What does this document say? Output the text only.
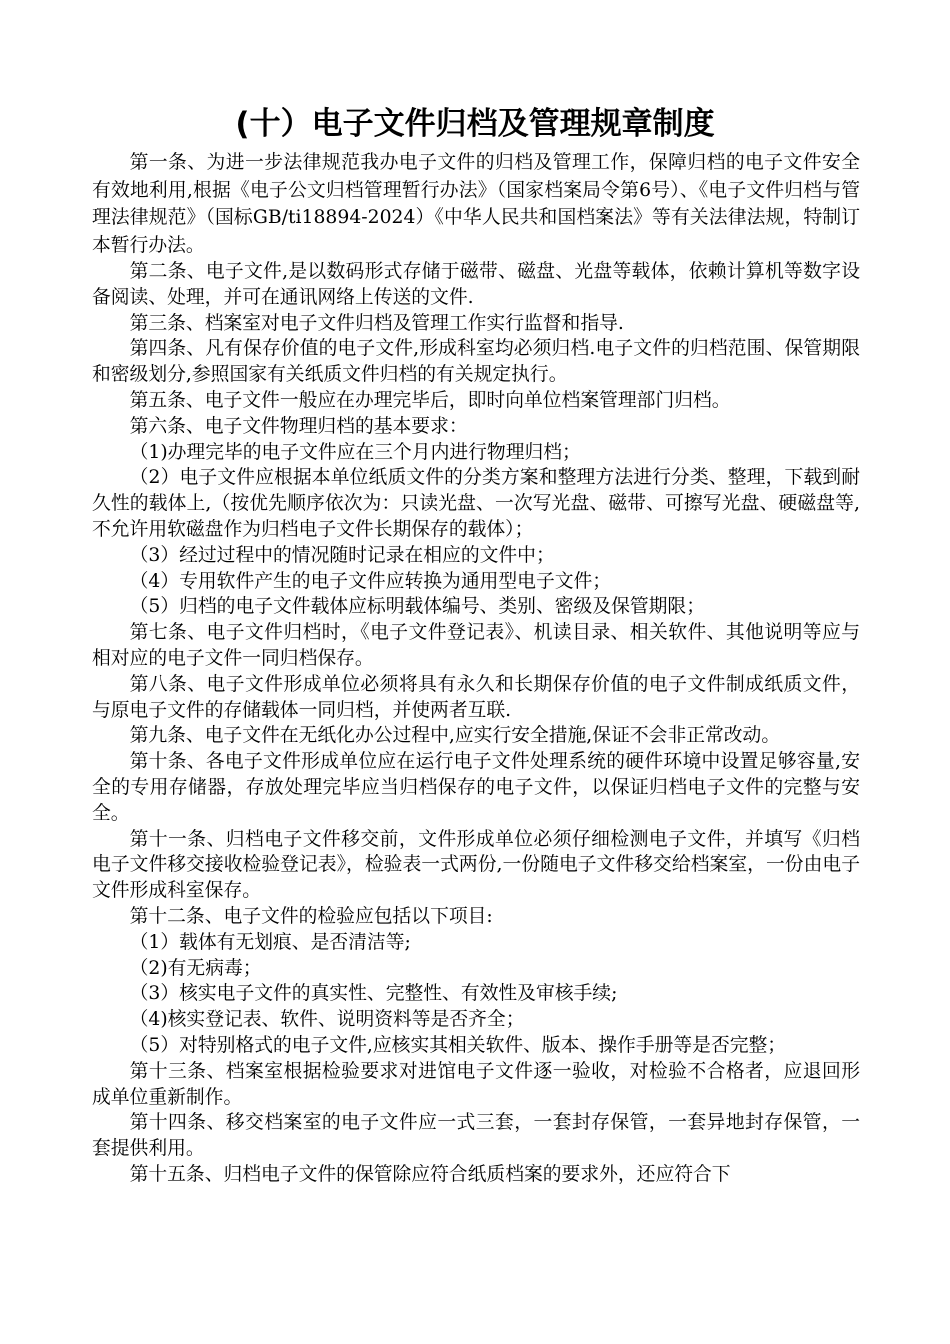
(十）电子文件归档及管理规章制度

第一条、为进一步法律规范我办电子文件的归档及管理工作，保障归档的电子文件安全有效地利用,根据《电子公文归档管理暂行办法》（国家档案局令第6号）、《电子文件归档与管理法律规范》（国标GB/ti18894-2024）《中华人民共和国档案法》等有关法律法规，特制订本暂行办法。

第二条、电子文件,是以数码形式存储于磁带、磁盘、光盘等载体，依赖计算机等数字设备阅读、处理，并可在通讯网络上传送的文件.

第三条、档案室对电子文件归档及管理工作实行监督和指导.

第四条、凡有保存价值的电子文件,形成科室均必须归档.电子文件的归档范围、保管期限和密级划分,参照国家有关纸质文件归档的有关规定执行。

第五条、电子文件一般应在办理完毕后，即时向单位档案管理部门归档。

第六条、电子文件物理归档的基本要求：

（1)办理完毕的电子文件应在三个月内进行物理归档；

（2）电子文件应根据本单位纸质文件的分类方案和整理方法进行分类、整理，下载到耐久性的载体上,（按优先顺序依次为：只读光盘、一次写光盘、磁带、可擦写光盘、硬磁盘等,不允许用软磁盘作为归档电子文件长期保存的载体）；

（3）经过过程中的情况随时记录在相应的文件中；

（4）专用软件产生的电子文件应转换为通用型电子文件；

（5）归档的电子文件载体应标明载体编号、类别、密级及保管期限；

第七条、电子文件归档时，《电子文件登记表》、机读目录、相关软件、其他说明等应与相对应的电子文件一同归档保存。

第八条、电子文件形成单位必须将具有永久和长期保存价值的电子文件制成纸质文件，与原电子文件的存储载体一同归档，并使两者互联.

第九条、电子文件在无纸化办公过程中,应实行安全措施,保证不会非正常改动。

第十条、各电子文件形成单位应在运行电子文件处理系统的硬件环境中设置足够容量,安全的专用存储器，存放处理完毕应当归档保存的电子文件，以保证归档电子文件的完整与安全。

第十一条、归档电子文件移交前，文件形成单位必须仔细检测电子文件，并填写《归档电子文件移交接收检验登记表》，检验表一式两份,一份随电子文件移交给档案室，一份由电子文件形成科室保存。

第十二条、电子文件的检验应包括以下项目:

（1）载体有无划痕、是否清洁等;

（2)有无病毒；

（3）核实电子文件的真实性、完整性、有效性及审核手续;

（4)核实登记表、软件、说明资料等是否齐全；

（5）对特别格式的电子文件,应核实其相关软件、版本、操作手册等是否完整；

第十三条、档案室根据检验要求对进馆电子文件逐一验收，对检验不合格者，应退回形成单位重新制作。

第十四条、移交档案室的电子文件应一式三套，一套封存保管，一套异地封存保管，一套提供利用。

第十五条、归档电子文件的保管除应符合纸质档案的要求外，还应符合下
